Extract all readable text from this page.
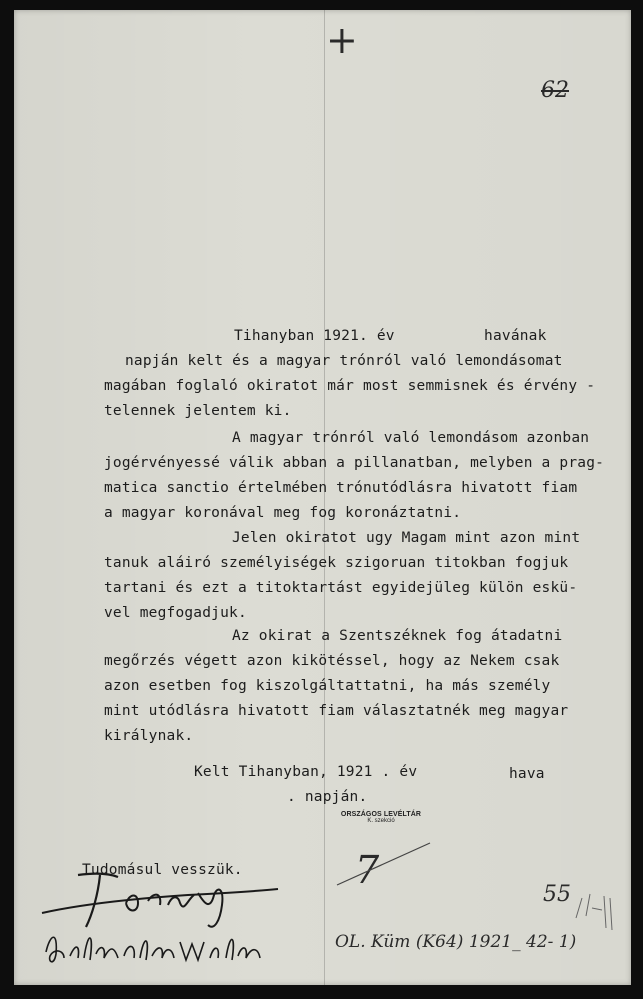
+
62
Tihanyban 1921. év          havának
napján kelt és a magyar trónról való lemondásomat
magában foglaló okiratot már most semmisnek és érvény -
telennek jelentem ki.
A magyar trónról való lemondásom azonban
jogérvényessé válik abban a pillanatban, melyben a prag-
matica sanctio értelmében trónutódlásra hivatott fiam
a magyar koronával meg fog koronáztatni.
Jelen okiratot ugy Magam mint azon mint
tanuk aláiró személyiségek szigoruan titokban fogjuk
tartani és ezt a titoktartást egyidejüleg külön eskü-
vel megfogadjuk.
Az okirat a Szentszéknek fog átadatni
megőrzés végett azon kikötéssel, hogy az Nekem csak
azon esetben fog kiszolgáltattatni, ha más személy
mint utódlásra hivatott fiam választatnék meg magyar
királynak.
Kelt Tihanyban, 1921 . év	hava
. napján.
ORSZÁGOS LEVÉLTÁR
K. szekció
Tudomásul vesszük.	7
55
OL. Küm (K64) 1921_ 42- 1)
